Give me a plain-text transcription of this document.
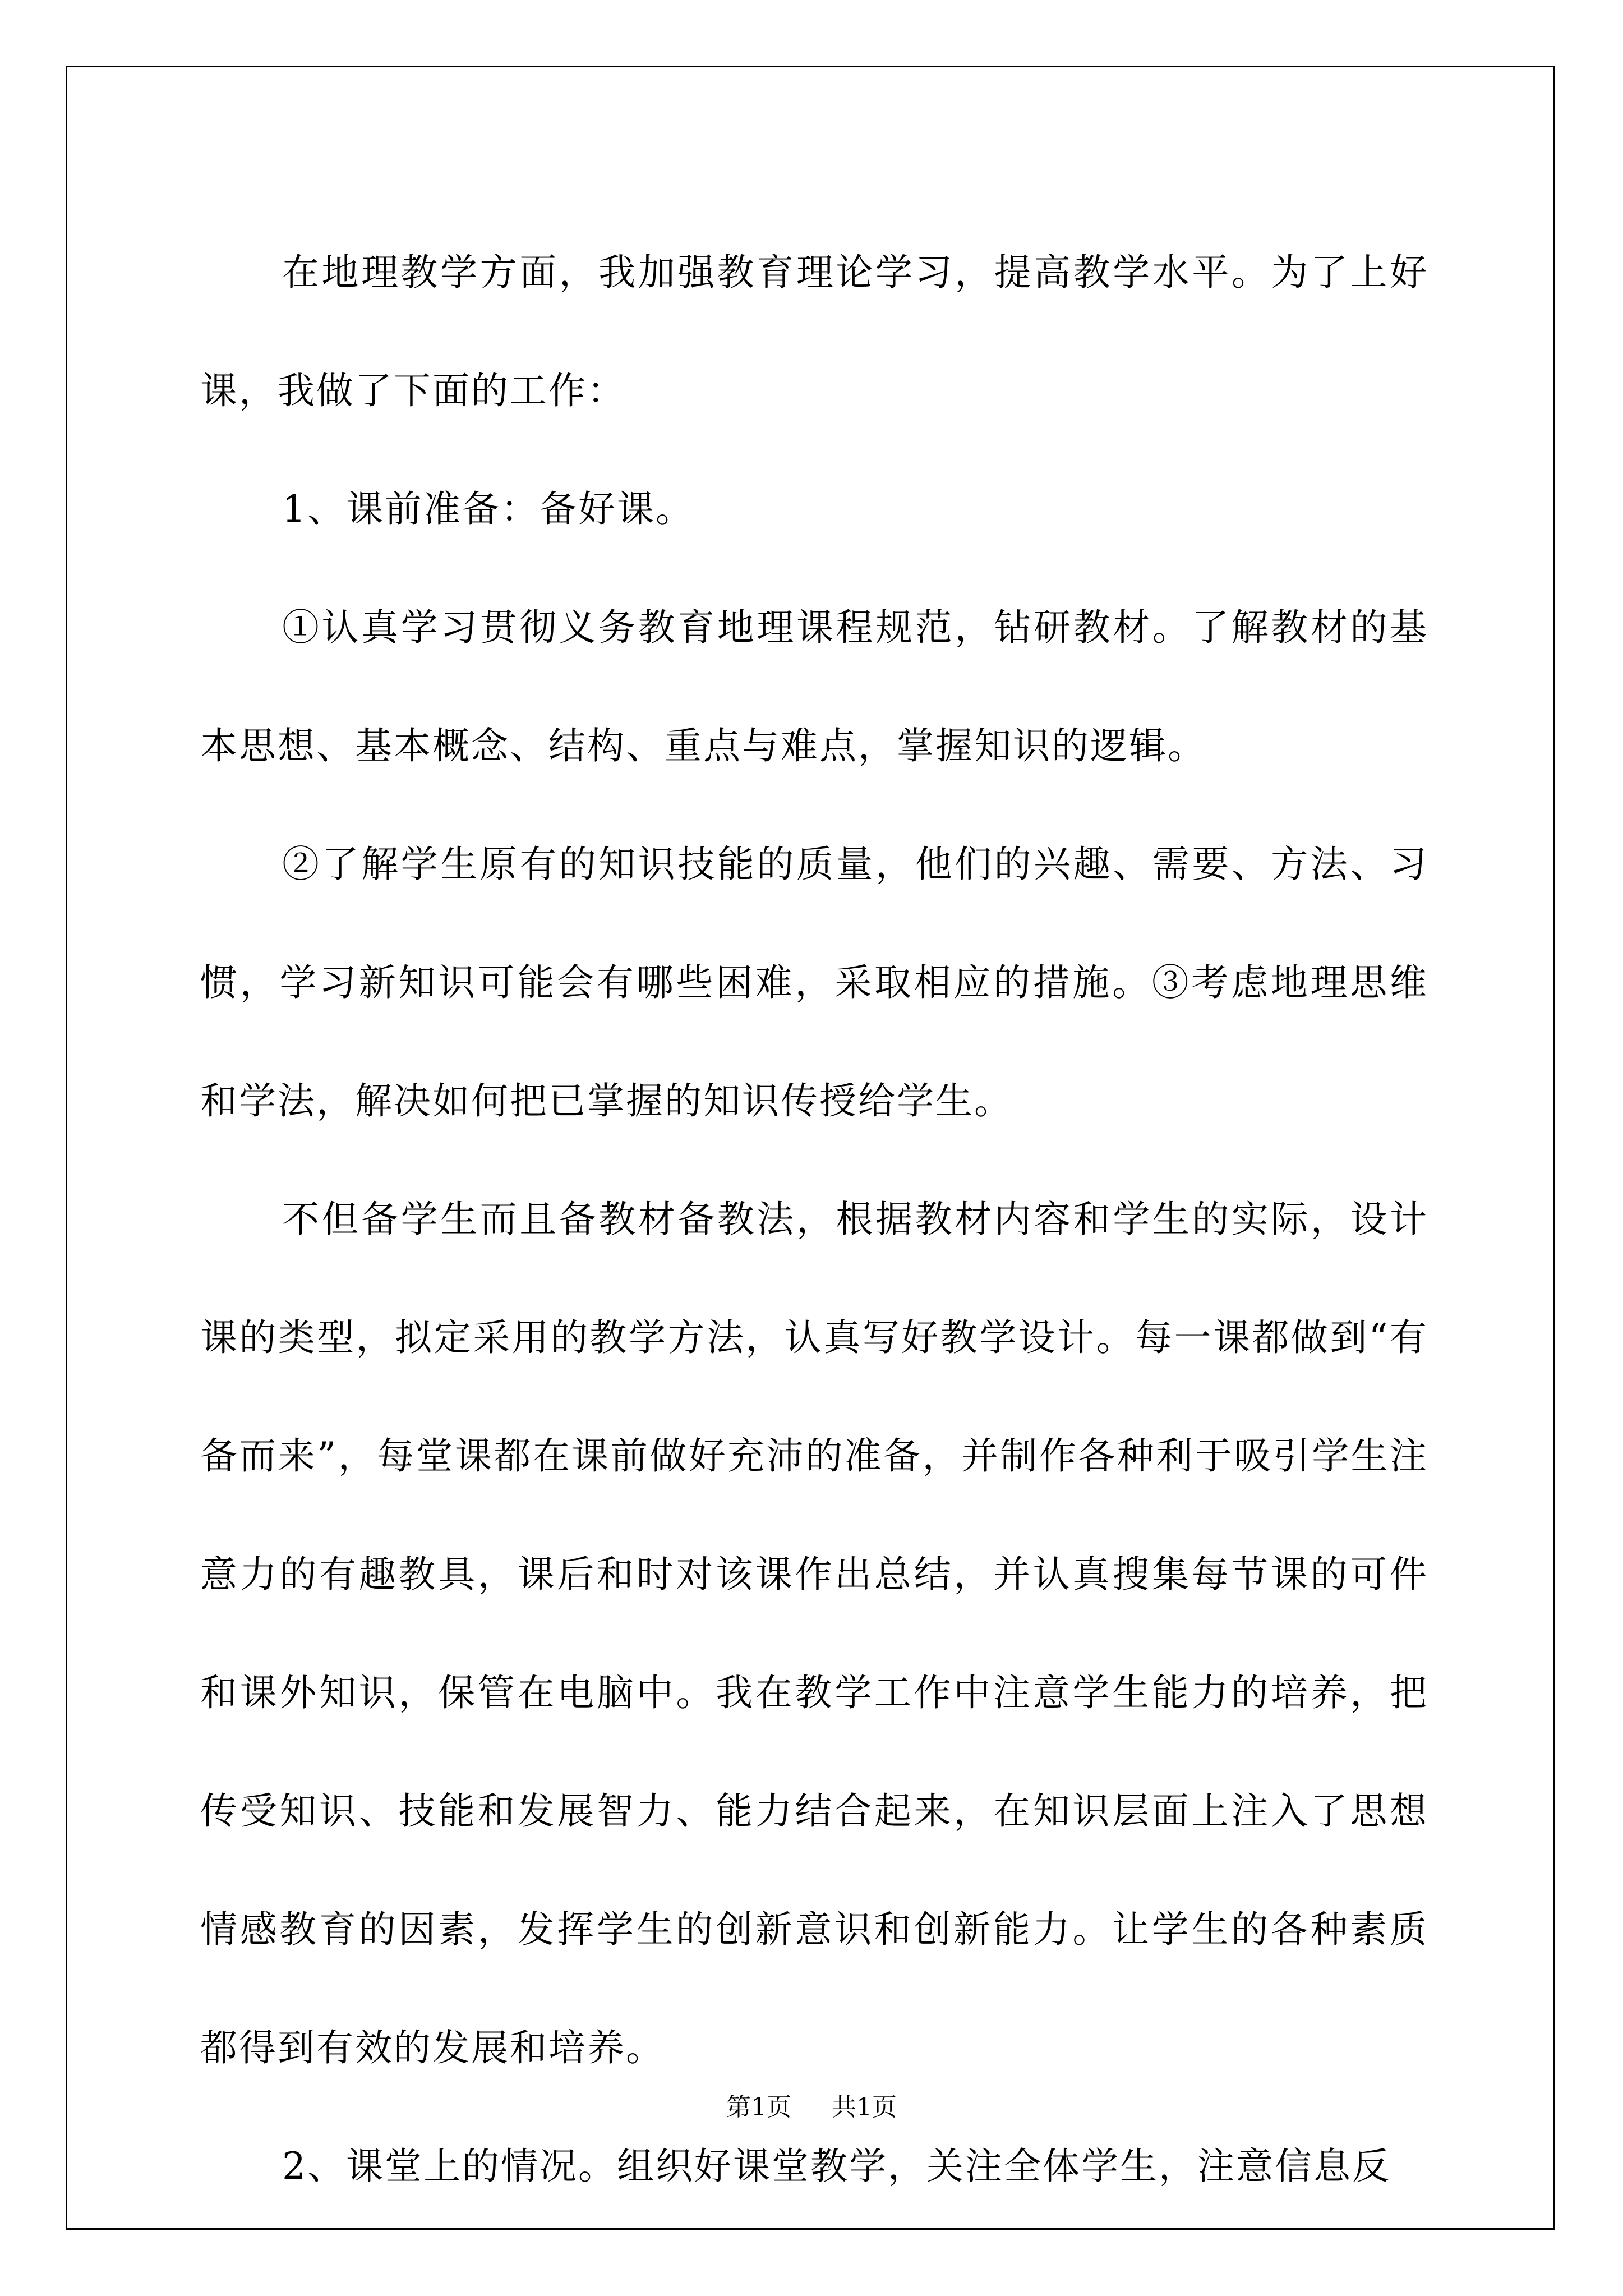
在地理教学方面，我加强教育理论学习，提高教学水平。为了上好课，我做了下面的工作：

1、课前准备：备好课。

①认真学习贯彻义务教育地理课程规范，钻研教材。了解教材的基本思想、基本概念、结构、重点与难点，掌握知识的逻辑。

②了解学生原有的知识技能的质量，他们的兴趣、需要、方法、习惯，学习新知识可能会有哪些困难，采取相应的措施。③考虑地理思维和学法，解决如何把已掌握的知识传授给学生。

不但备学生而且备教材备教法，根据教材内容和学生的实际，设计课的类型，拟定采用的教学方法，认真写好教学设计。每一课都做到“有备而来”，每堂课都在课前做好充沛的准备，并制作各种利于吸引学生注意力的有趣教具，课后和时对该课作出总结，并认真搜集每节课的可件和课外知识，保管在电脑中。我在教学工作中注意学生能力的培养，把传受知识、技能和发展智力、能力结合起来，在知识层面上注入了思想情感教育的因素，发挥学生的创新意识和创新能力。让学生的各种素质都得到有效的发展和培养。

2、课堂上的情况。组织好课堂教学，关注全体学生，注意信息反

第1页 共1页
